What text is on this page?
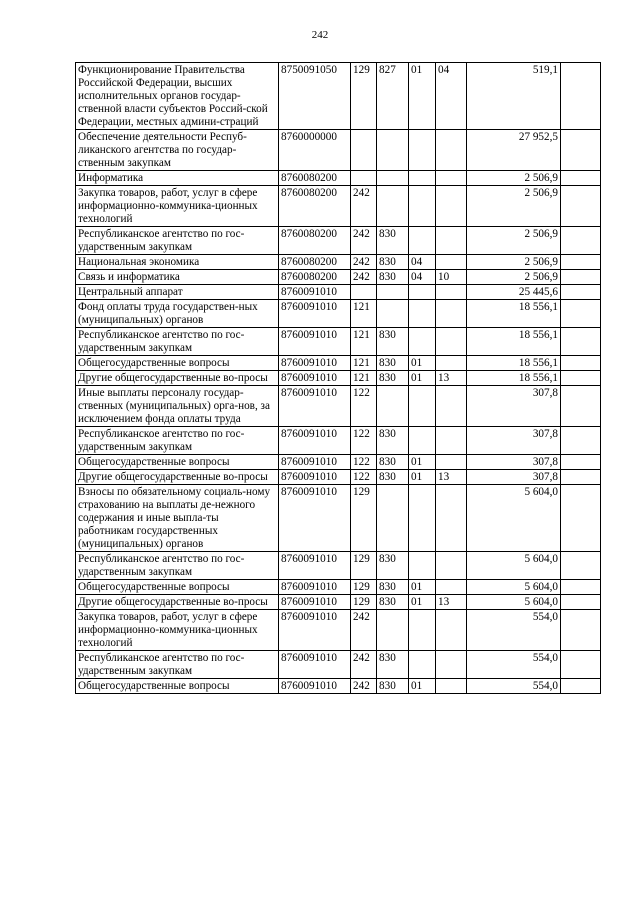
242
Функционирование Правительства Российской Федерации, высших исполнительных органов государ-ственной власти субъектов Россий-ской Федерации, местных админи-страций	8750091050	129	827	01	04	519,1	
Обеспечение деятельности Респуб-ликанского агентства по государ-ственным закупкам	8760000000					27 952,5	
Информатика	8760080200					2 506,9	
Закупка товаров, работ, услуг в сфере информационно-коммуника-ционных технологий	8760080200	242				2 506,9	
Республиканское агентство по гос-ударственным закупкам	8760080200	242	830			2 506,9	
Национальная экономика	8760080200	242	830	04		2 506,9	
Связь и информатика	8760080200	242	830	04	10	2 506,9	
Центральный аппарат	8760091010					25 445,6	
Фонд оплаты труда государствен-ных (муниципальных) органов	8760091010	121				18 556,1	
Республиканское агентство по гос-ударственным закупкам	8760091010	121	830			18 556,1	
Общегосударственные вопросы	8760091010	121	830	01		18 556,1	
Другие общегосударственные во-просы	8760091010	121	830	01	13	18 556,1	
Иные выплаты персоналу государ-ственных (муниципальных) орга-нов, за исключением фонда оплаты труда	8760091010	122				307,8	
Республиканское агентство по гос-ударственным закупкам	8760091010	122	830			307,8	
Общегосударственные вопросы	8760091010	122	830	01		307,8	
Другие общегосударственные во-просы	8760091010	122	830	01	13	307,8	
Взносы по обязательному социаль-ному страхованию на выплаты де-нежного содержания и иные выпла-ты работникам государственных (муниципальных) органов	8760091010	129				5 604,0	
Республиканское агентство по гос-ударственным закупкам	8760091010	129	830			5 604,0	
Общегосударственные вопросы	8760091010	129	830	01		5 604,0	
Другие общегосударственные во-просы	8760091010	129	830	01	13	5 604,0	
Закупка товаров, работ, услуг в сфере информационно-коммуника-ционных технологий	8760091010	242				554,0	
Республиканское агентство по гос-ударственным закупкам	8760091010	242	830			554,0	
Общегосударственные вопросы	8760091010	242	830	01		554,0	
